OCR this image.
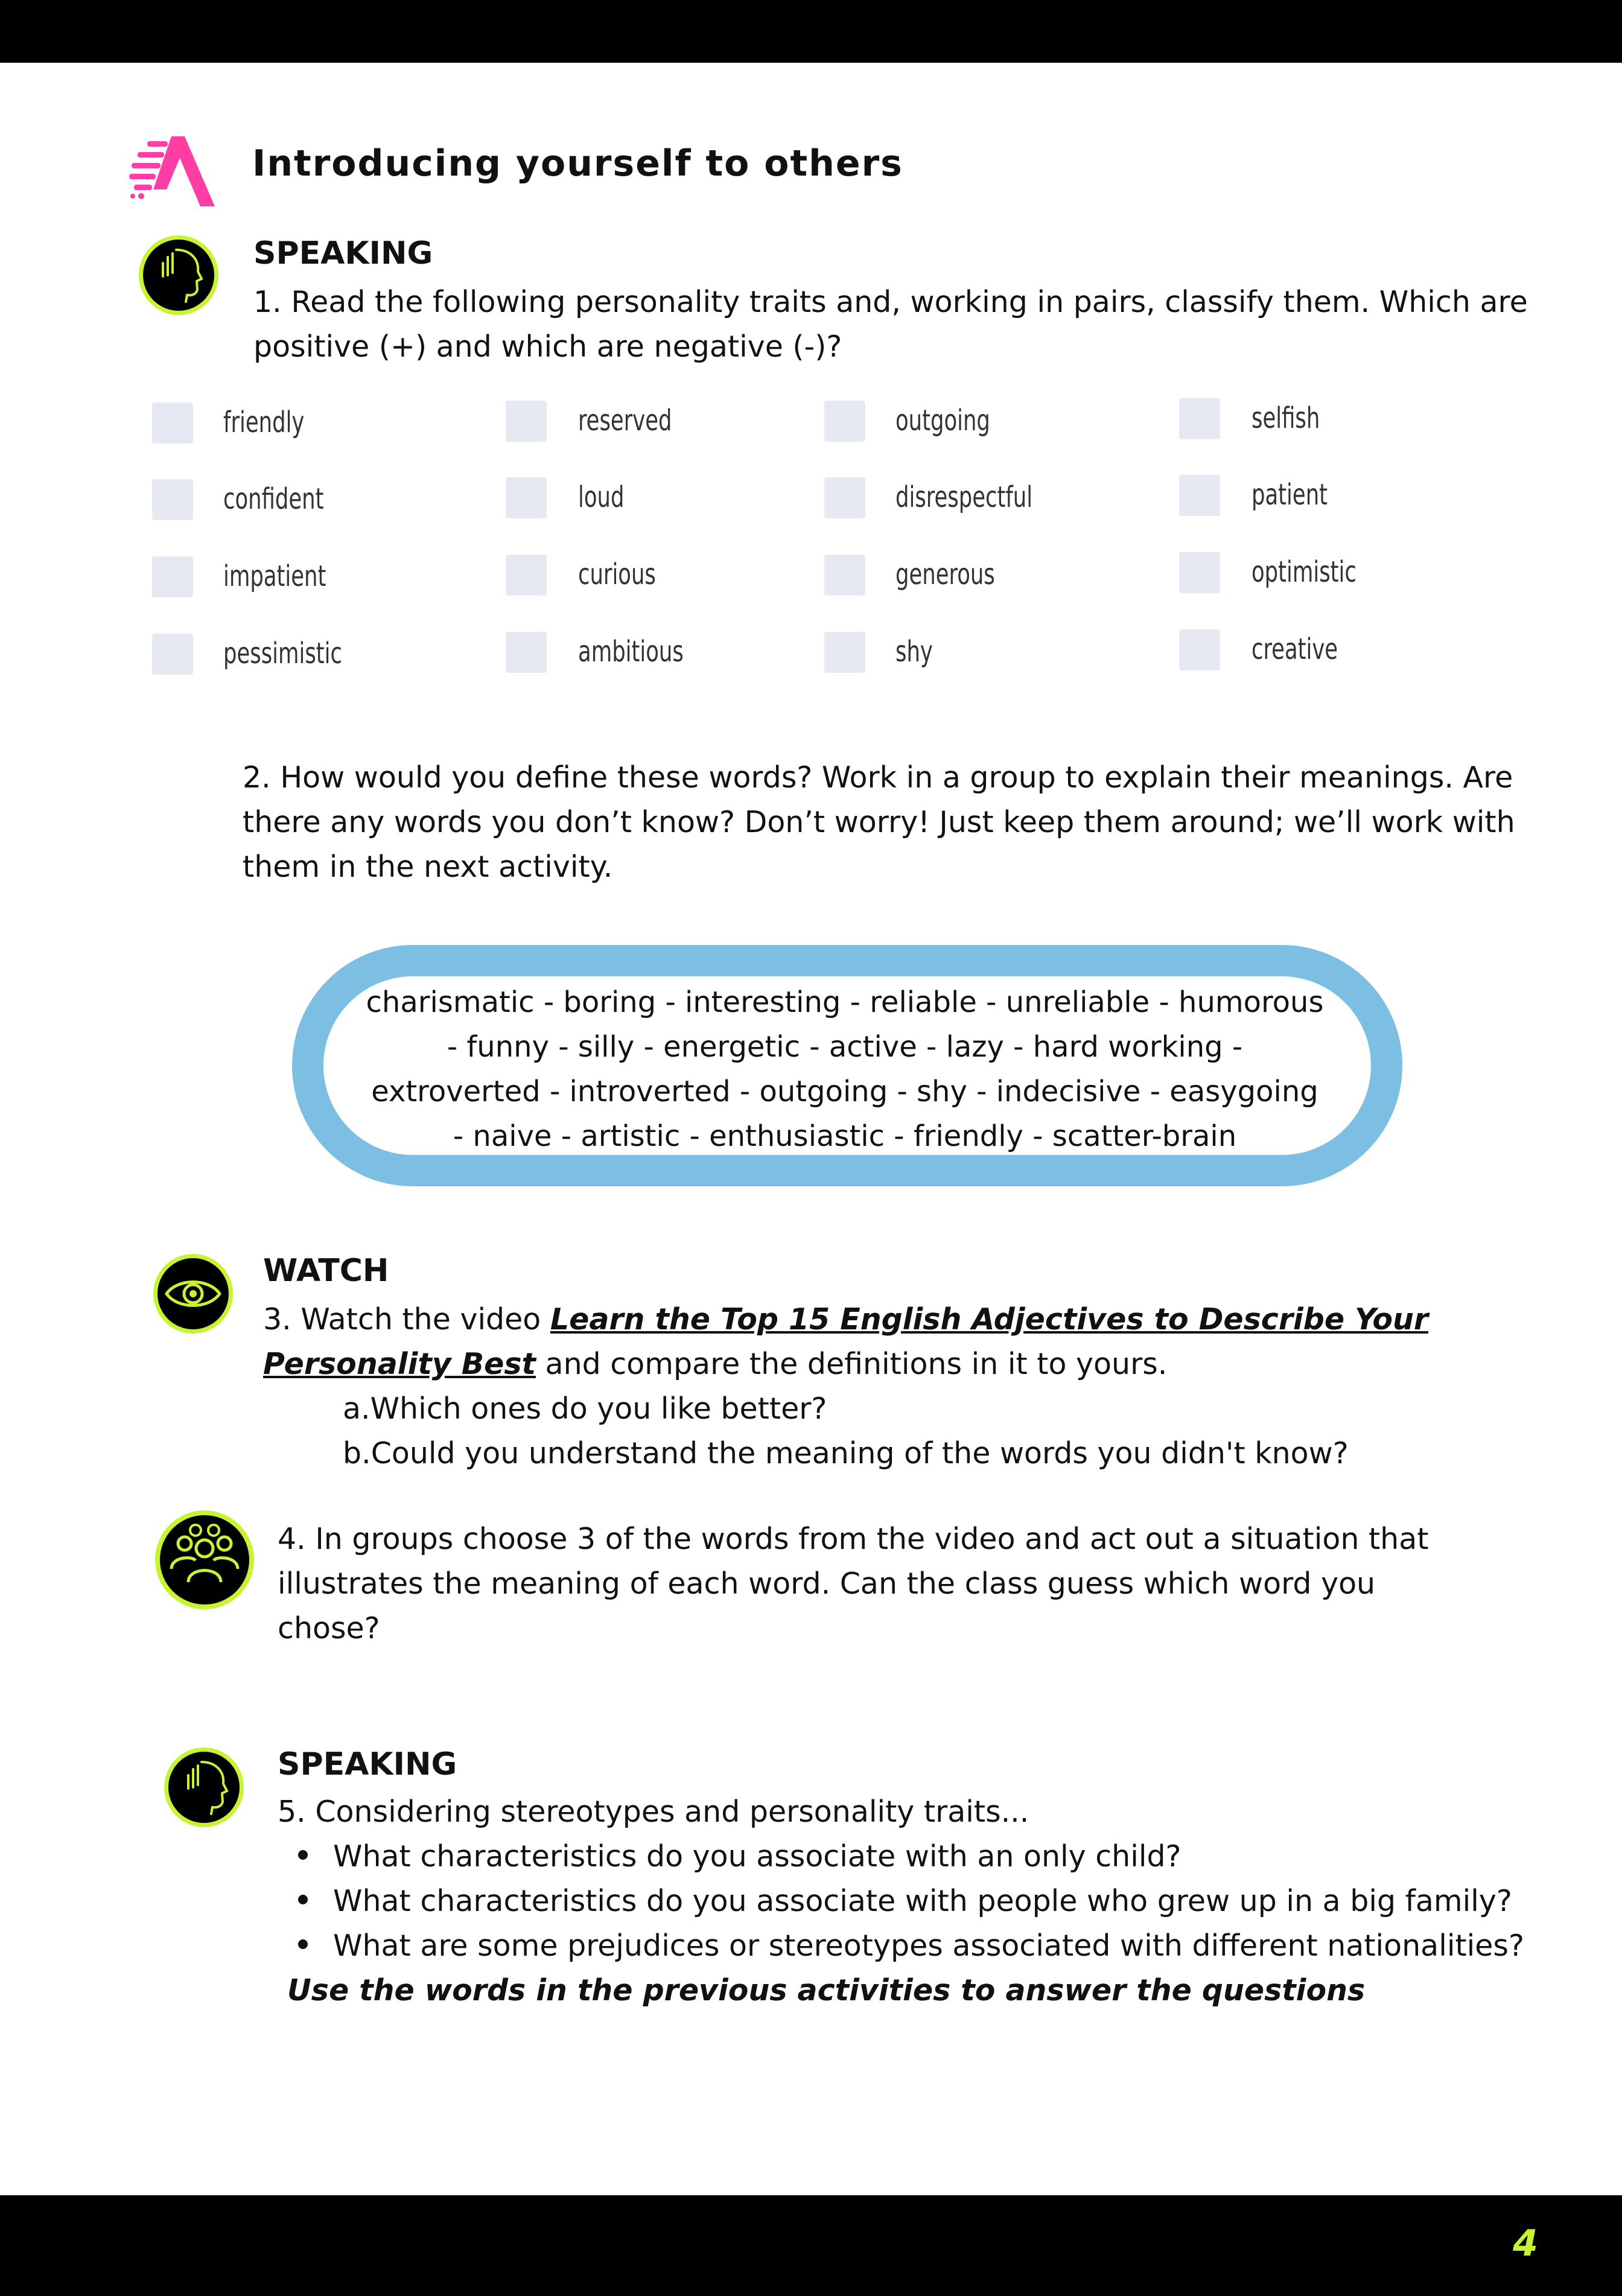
Introducing yourself to others
SPEAKING
1. Read the following personality traits and, working in pairs, classify them. Which are
positive (+) and which are negative (-)?
friendly
confident
impatient
pessimistic
reserved
loud
curious
ambitious
outgoing
disrespectful
generous
shy
selfish
patient
optimistic
creative
2. How would you define these words? Work in a group to explain their meanings. Are
there any words you don’t know? Don’t worry! Just keep them around; we’ll work with
them in the next activity.
charismatic - boring - interesting - reliable - unreliable - humorous
- funny - silly - energetic - active - lazy - hard working -
extroverted - introverted - outgoing - shy - indecisive - easygoing
- naive - artistic - enthusiastic - friendly - scatter-brain
WATCH
3. Watch the video Learn the Top 15 English Adjectives to Describe Your
Personality Best and compare the definitions in it to yours.
a.Which ones do you like better?
b.Could you understand the meaning of the words you didn't know?
4. In groups choose 3 of the words from the video and act out a situation that
illustrates the meaning of each word. Can the class guess which word you
chose?
SPEAKING
5. Considering stereotypes and personality traits...
What characteristics do you associate with an only child?
What characteristics do you associate with people who grew up in a big family?
What are some prejudices or stereotypes associated with different nationalities?
Use the words in the previous activities to answer the questions
4
